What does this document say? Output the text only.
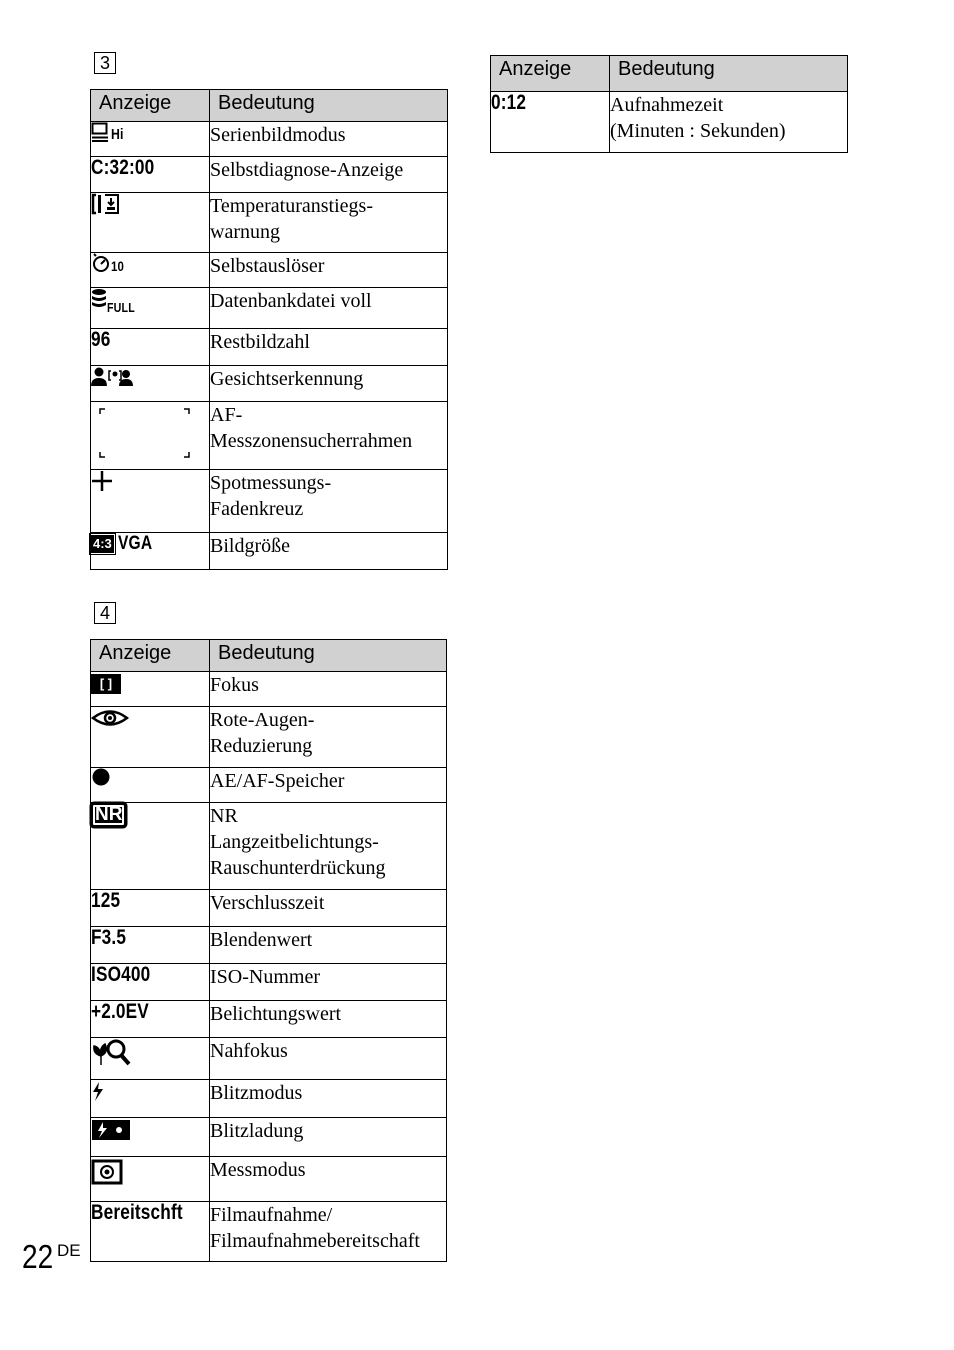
3
Anzeige	Bedeutung

Hi	Serienbildmodus
C:32:00	Selbstdiagnose-Anzeige

	Temperaturanstiegs-
warnung

10	Selbstauslöser

FULL	Datenbankdatei voll
96	Restbildzahl

	Gesichtserkennung
	AF-
Messzonensucherrahmen

	Spotmessungs-
Fadenkreuz

4:3 VGA	Bildgröße
4
Anzeige	Bedeutung
[ ]	Fokus

	Rote-Augen-
Reduzierung

	AE/AF-Speicher
NR	NR
Langzeitbelichtungs-
Rauschunterdrückung
125	Verschlusszeit
F3.5	Blendenwert
ISO400	ISO-Nummer
+2.0EV	Belichtungswert

	Nahfokus

	Blitzmodus

	Blitzladung

	Messmodus
Bereitschft	Filmaufnahme/
Filmaufnahmebereitschaft
Anzeige	Bedeutung
0:12	Aufnahmezeit
(Minuten : Sekunden)
22 DE
